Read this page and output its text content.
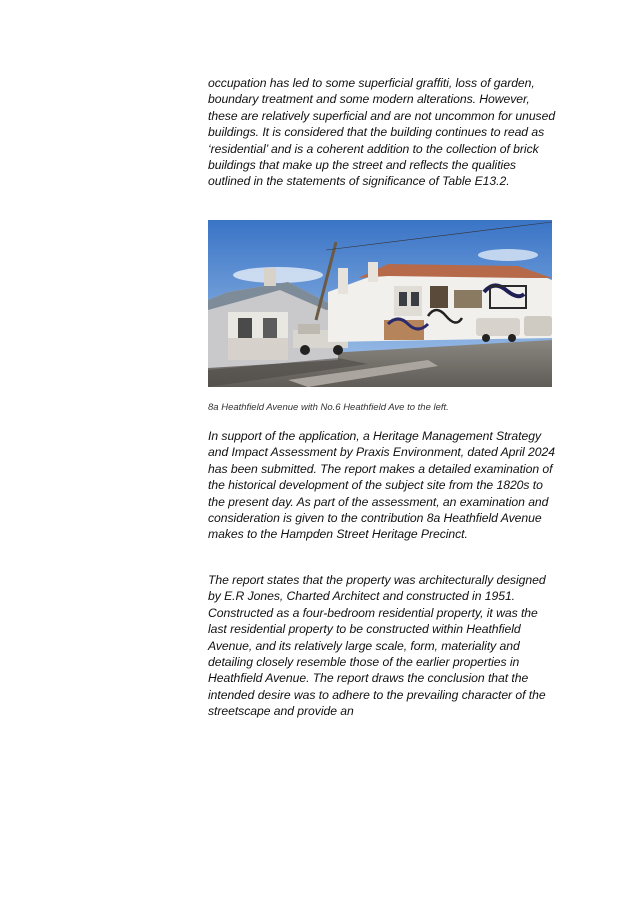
occupation has led to some superficial graffiti, loss of garden, boundary treatment and some modern alterations. However, these are relatively superficial and are not uncommon for unused buildings. It is considered that the building continues to read as ‘residential’ and is a coherent addition to the collection of brick buildings that make up the street and reflects the qualities outlined in the statements of significance of Table E13.2.

8a Heathfield Avenue with No.6 Heathfield Ave to the left.

In support of the application, a Heritage Management Strategy and Impact Assessment by Praxis Environment, dated April 2024 has been submitted. The report makes a detailed examination of the historical development of the subject site from the 1820s to the present day. As part of the assessment, an examination and consideration is given to the contribution 8a Heathfield Avenue makes to the Hampden Street Heritage Precinct.

The report states that the property was architecturally designed by E.R Jones, Charted Architect and constructed in 1951. Constructed as a four-bedroom residential property, it was the last residential property to be constructed within Heathfield Avenue, and its relatively large scale, form, materiality and detailing closely resemble those of the earlier properties in Heathfield Avenue. The report draws the conclusion that the intended desire was to adhere to the prevailing character of the streetscape and provide an
